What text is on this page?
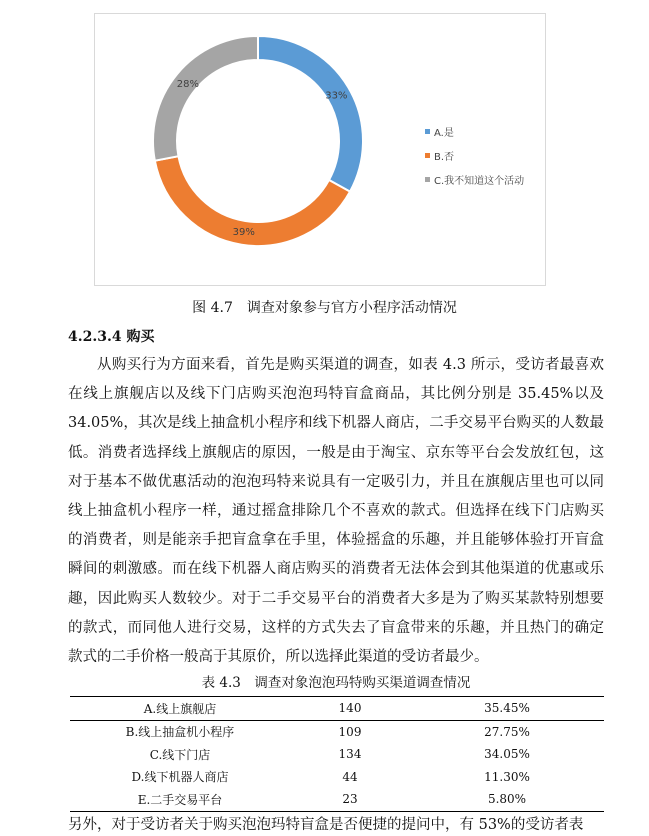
33%
39%
28%
A.是
B.否
C.我不知道这个活动
图 4.7　调查对象参与官方小程序活动情况
4.2.3.4 购买
从购买行为方面来看，首先是购买渠道的调查，如表 4.3 所示，受访者最喜欢在线上旗舰店以及线下门店购买泡泡玛特盲盒商品，其比例分别是 35.45%以及 34.05%，其次是线上抽盒机小程序和线下机器人商店，二手交易平台购买的人数最低。消费者选择线上旗舰店的原因，一般是由于淘宝、京东等平台会发放红包，这对于基本不做优惠活动的泡泡玛特来说具有一定吸引力，并且在旗舰店里也可以同线上抽盒机小程序一样，通过摇盒排除几个不喜欢的款式。但选择在线下门店购买的消费者，则是能亲手把盲盒拿在手里，体验摇盒的乐趣，并且能够体验打开盲盒瞬间的刺激感。而在线下机器人商店购买的消费者无法体会到其他渠道的优惠或乐趣，因此购买人数较少。对于二手交易平台的消费者大多是为了购买某款特别想要的款式，而同他人进行交易，这样的方式失去了盲盒带来的乐趣，并且热门的确定款式的二手价格一般高于其原价，所以选择此渠道的受访者最少。
表 4.3　调查对象泡泡玛特购买渠道调查情况
A.线上旗舰店	140	35.45%
B.线上抽盒机小程序	109	27.75%
C.线下门店	134	34.05%
D.线下机器人商店	44	11.30%
E.二手交易平台	23	5.80%
另外，对于受访者关于购买泡泡玛特盲盒是否便捷的提问中，有 53%的受访者表
